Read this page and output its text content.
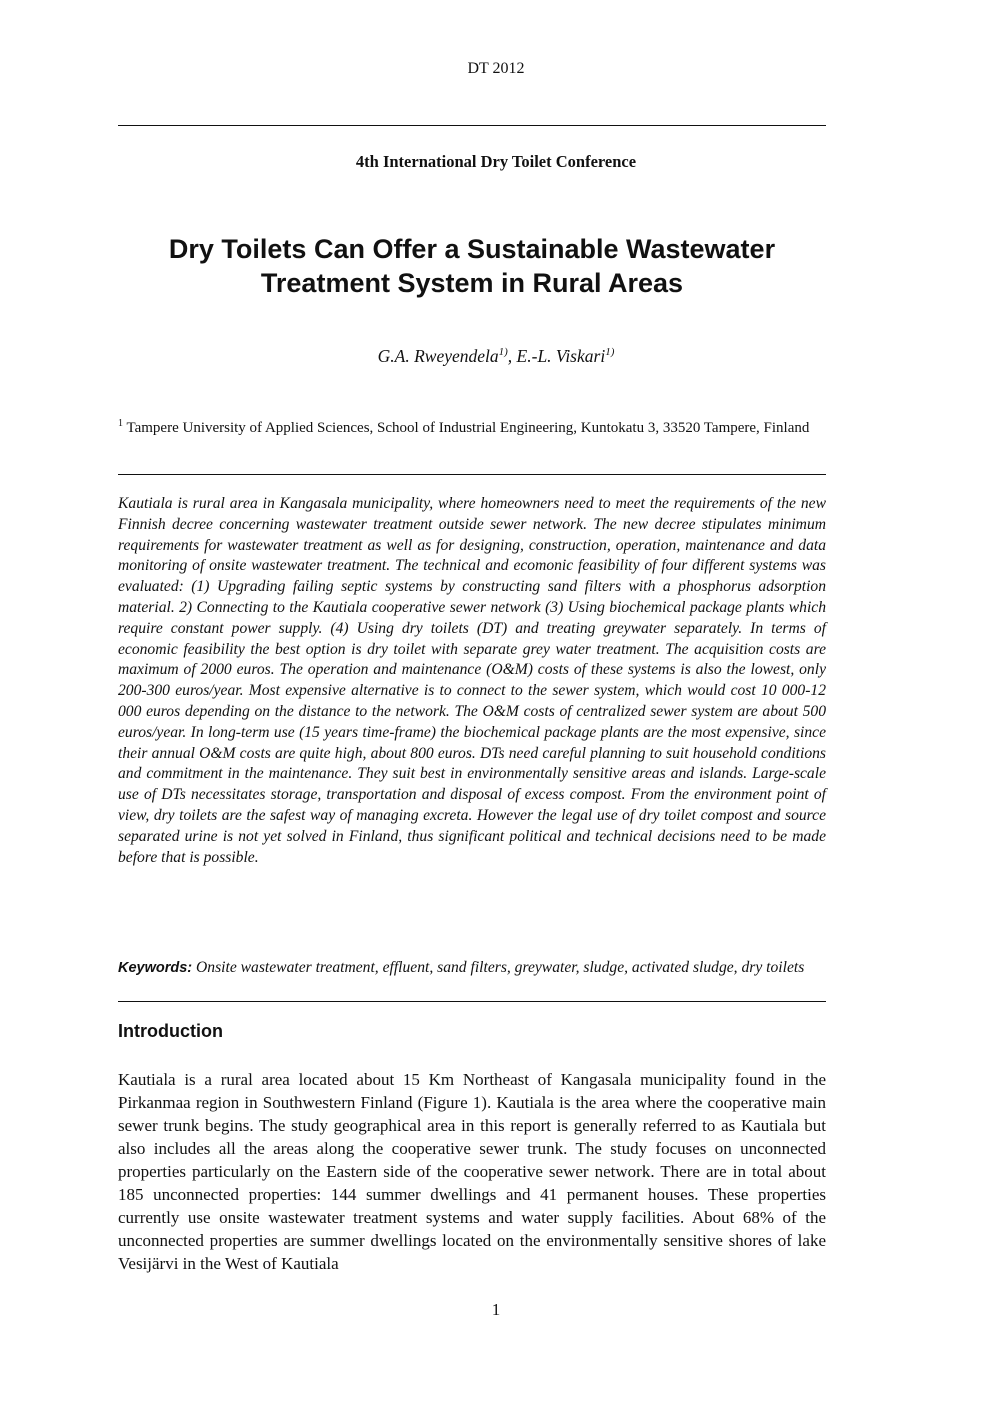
DT 2012
4th International Dry Toilet Conference
Dry Toilets Can Offer a Sustainable Wastewater Treatment System in Rural Areas
G.A. Rweyendela$^{1)}$, E.-L. Viskari$^{1)}$
$^1$ Tampere University of Applied Sciences, School of Industrial Engineering, Kuntokatu 3, 33520 Tampere, Finland

Kautiala is rural area in Kangasala municipality, where homeowners need to meet the requirements of the new Finnish decree concerning wastewater treatment outside sewer network. The new decree stipulates minimum requirements for wastewater treatment as well as for designing, construction, operation, maintenance and data monitoring of onsite wastewater treatment. The technical and ecomonic feasibility of four different systems was evaluated: (1) Upgrading failing septic systems by constructing sand filters with a phosphorus adsorption material. 2) Connecting to the Kautiala cooperative sewer network (3) Using biochemical package plants which require constant power supply. (4) Using dry toilets (DT) and treating greywater separately. In terms of economic feasibility the best option is dry toilet with separate grey water treatment. The acquisition costs are maximum of 2000 euros. The operation and maintenance (O&M) costs of these systems is also the lowest, only 200-300 euros/year. Most expensive alternative is to connect to the sewer system, which would cost 10 000-12 000 euros depending on the distance to the network. The O&M costs of centralized sewer system are about 500 euros/year. In long-term use (15 years time-frame) the biochemical package plants are the most expensive, since their annual O&M costs are quite high, about 800 euros. DTs need careful planning to suit household conditions and commitment in the maintenance. They suit best in environmentally sensitive areas and islands. Large-scale use of DTs necessitates storage, transportation and disposal of excess compost. From the environment point of view, dry toilets are the safest way of managing excreta. However the legal use of dry toilet compost and source separated urine is not yet solved in Finland, thus significant political and technical decisions need to be made before that is possible.

Keywords: Onsite wastewater treatment, effluent, sand filters, greywater, sludge, activated sludge, dry toilets

Introduction

Kautiala is a rural area located about 15 Km Northeast of Kangasala municipality found in the Pirkanmaa region in Southwestern Finland (Figure 1). Kautiala is the area where the cooperative main sewer trunk begins. The study geographical area in this report is generally referred to as Kautiala but also includes all the areas along the cooperative sewer trunk. The study focuses on unconnected properties particularly on the Eastern side of the cooperative sewer network. There are in total about 185 unconnected properties: 144 summer dwellings and 41 permanent houses. These properties currently use onsite wastewater treatment systems and water supply facilities. About 68% of the unconnected properties are summer dwellings located on the environmentally sensitive shores of lake Vesijärvi in the West of Kautiala

1
